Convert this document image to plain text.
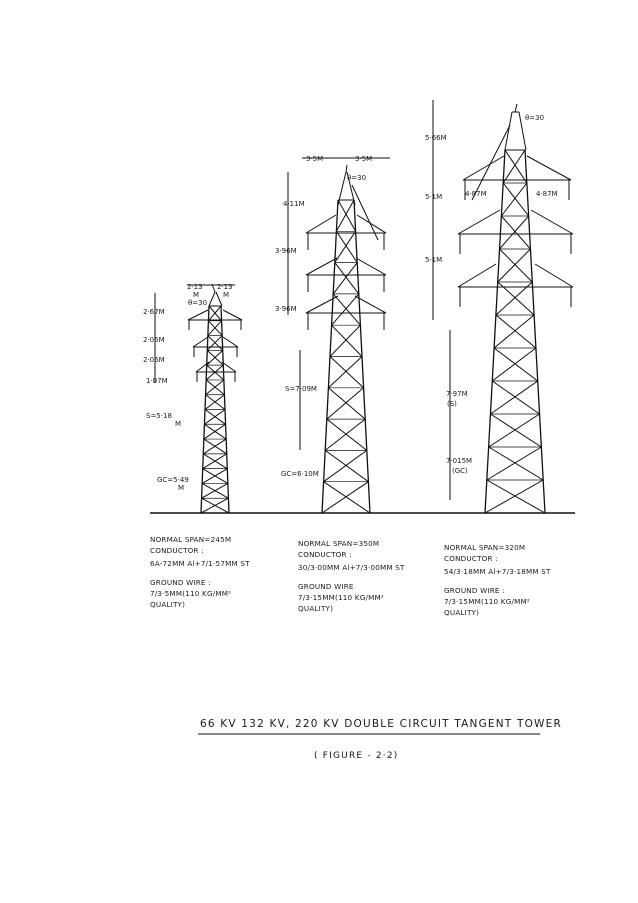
2·13 2·13
M	M
θ=30
2·67M
2·06M
2·06M
1·07M
S=5·18
M
GC=5·49
M
3·5M	3·5M
θ=30
4·11M
3·96M
3·96M
S=7·09M
GC=6·10M
5·66M
θ=30
4·87M	4·87M
5·1M
5·1M
7·97M
(S)
7·015M
(GC)
NORMAL SPAN=245M
CONDUCTOR :
6A-72MM Al+7/1·57MM ST
GROUND WIRE :
7/3·5MM(110 KG/MM²
QUALITY)
NORMAL SPAN=350M
CONDUCTOR :
30/3·00MM Al+7/3·00MM ST
GROUND WIRE
7/3·15MM(110 KG/MM²
QUALITY)
NORMAL SPAN=320M
CONDUCTOR :
54/3·18MM Al+7/3·18MM ST
GROUND WIRE :
7/3·15MM(110 KG/MM²
QUALITY)
66 KV 132 KV, 220 KV DOUBLE CIRCUIT TANGENT TOWER
( FIGURE - 2·2)
